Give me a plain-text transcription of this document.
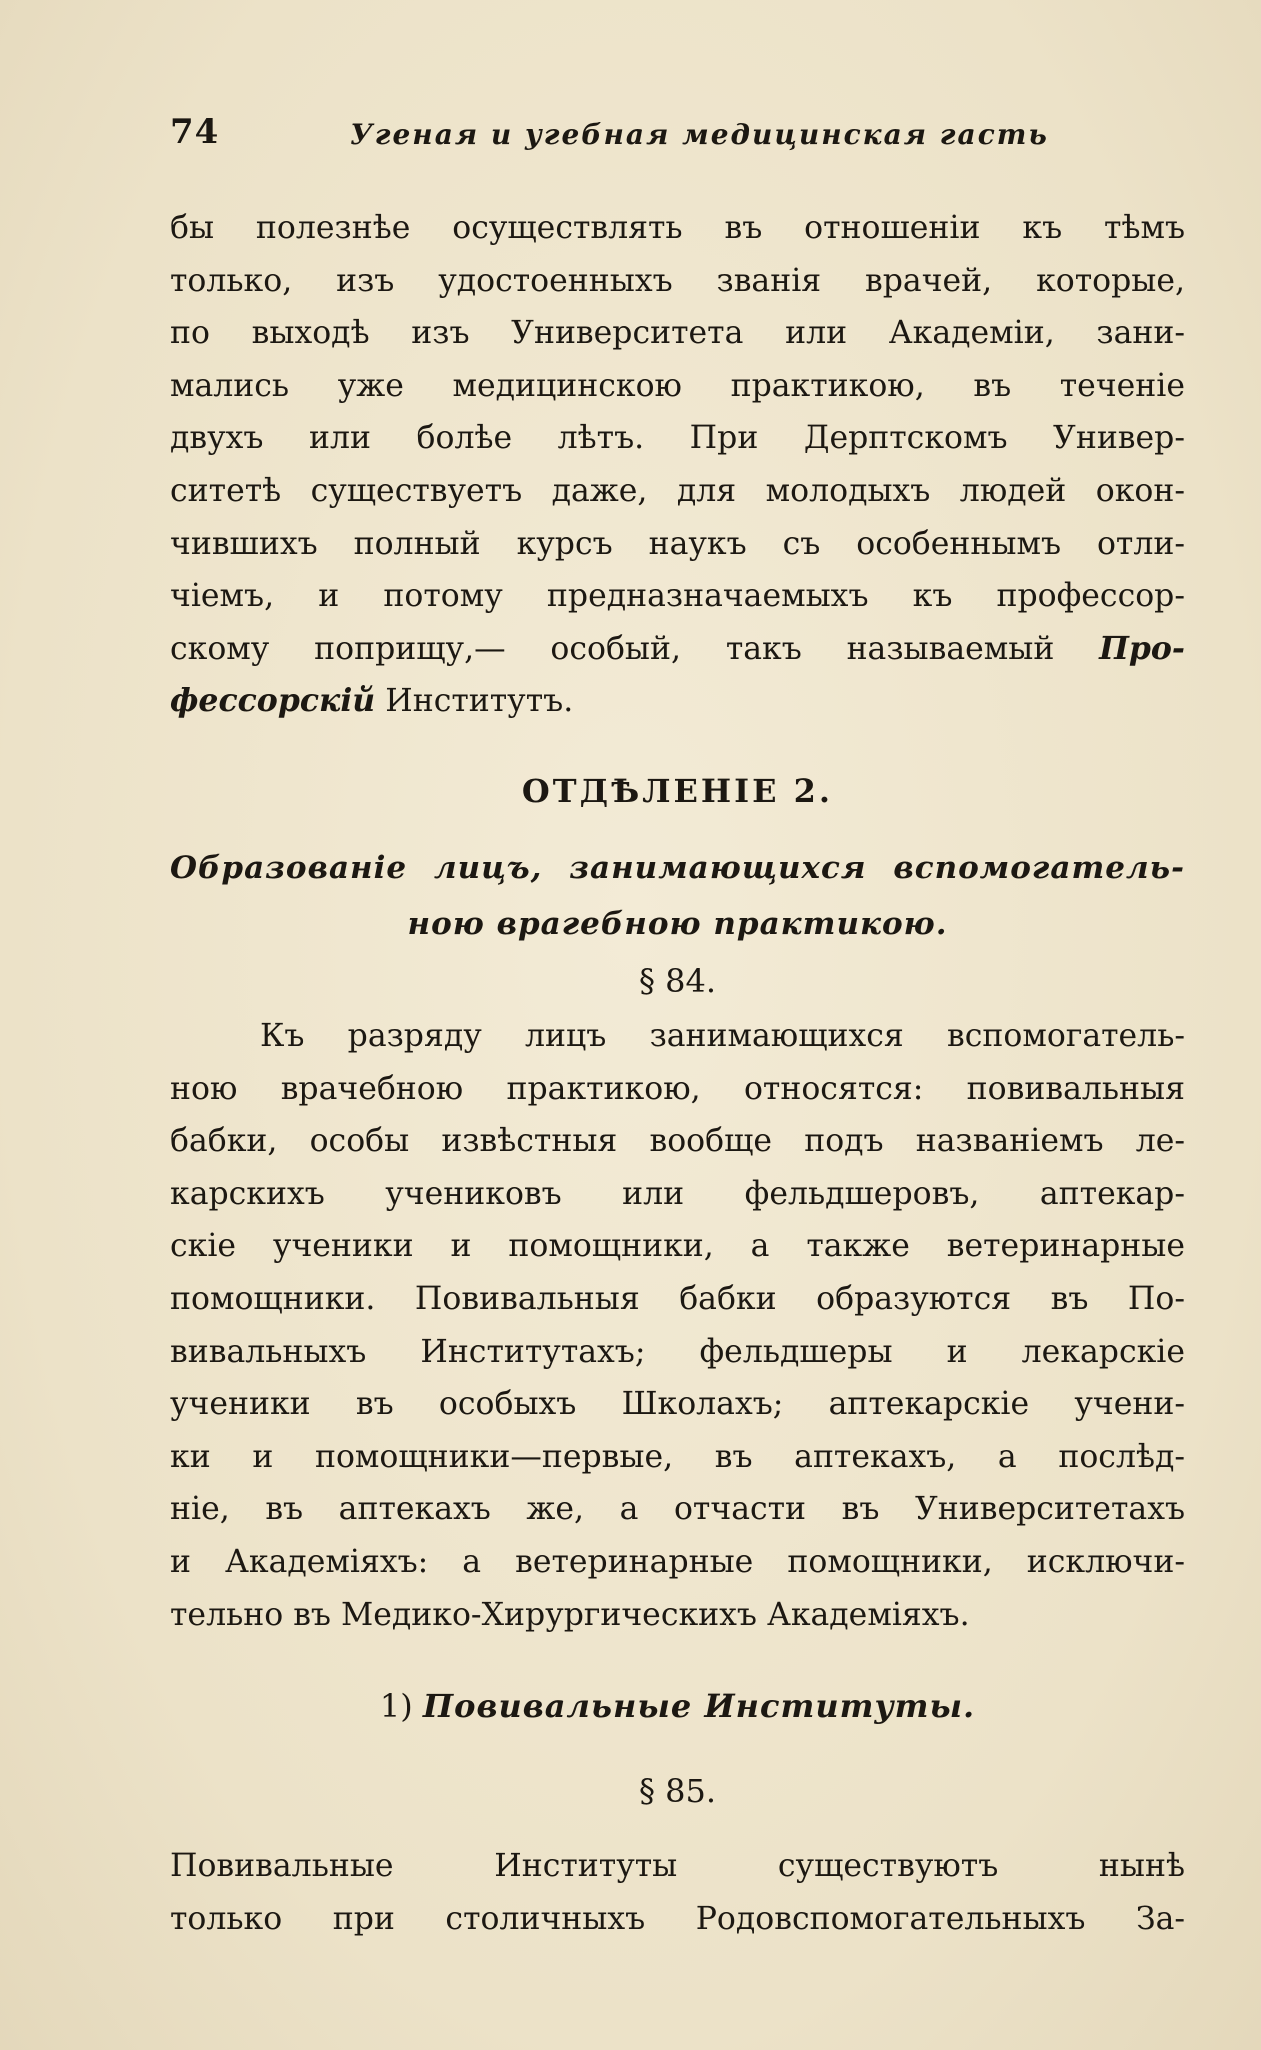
74	Угеная и угебная медицинская гасть
бы полезнѣе осуществлять въ отношеніи къ тѣмъ
только, изъ удостоенныхъ званія врачей, которые,
по выходѣ изъ Университета или Академіи, зани-
мались уже медицинскою практикою, въ теченіе
двухъ или болѣе лѣтъ. При Дерптскомъ Универ-
ситетѣ существуетъ даже, для молодыхъ людей окон-
чившихъ полный курсъ наукъ съ особеннымъ отли-
чіемъ, и потому предназначаемыхъ къ профессор-
скому поприщу,— особый, такъ называемый Про-
фессорскій Институтъ.
ОТДѢЛЕНІЕ 2.
Образованіе лицъ, занимающихся вспомогатель-
ною врагебною практикою.
§ 84.
Къ разряду лицъ занимающихся вспомогатель-
ною врачебною практикою, относятся: повивальныя
бабки, особы извѣстныя вообще подъ названіемъ ле-
карскихъ учениковъ или фельдшеровъ, аптекар-
скіе ученики и помощники, а также ветеринарные
помощники. Повивальныя бабки образуются въ По-
вивальныхъ Институтахъ; фельдшеры и лекарскіе
ученики въ особыхъ Школахъ; аптекарскіе учени-
ки и помощники—первые, въ аптекахъ, а послѣд-
ніе, въ аптекахъ же, а отчасти въ Университетахъ
и Академіяхъ: а ветеринарные помощники, исключи-
тельно въ Медико-Хирургическихъ Академіяхъ.
1) Повивальные Институты.
§ 85.
Повивальные Институты существуютъ нынѣ
только при столичныхъ Родовспомогательныхъ За-
